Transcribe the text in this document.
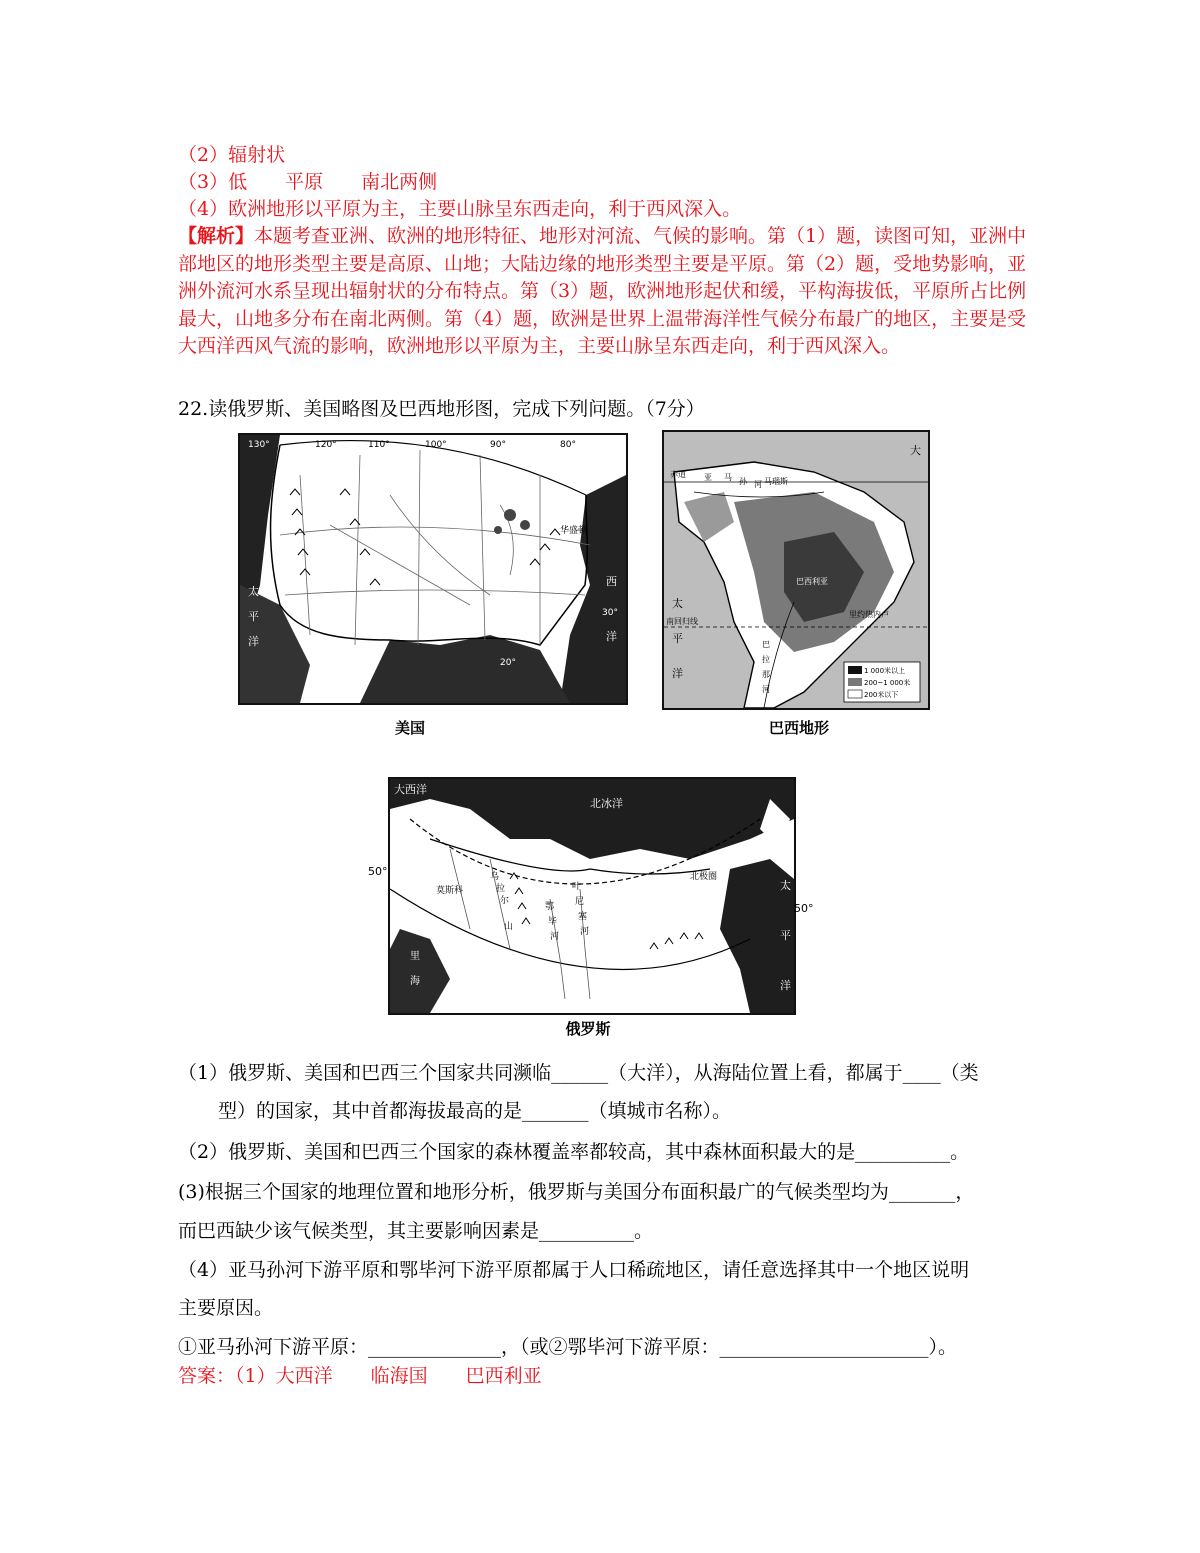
（2）辐射状
（3）低　　平原　　南北两侧
（4）欧洲地形以平原为主，主要山脉呈东西走向，利于西风深入。
【解析】本题考查亚洲、欧洲的地形特征、地形对河流、气候的影响。第（1）题，读图可知，亚洲中部地区的地形类型主要是高原、山地；大陆边缘的地形类型主要是平原。第（2）题，受地势影响，亚洲外流河水系呈现出辐射状的分布特点。第（3）题，欧洲地形起伏和缓，平构海拔低，平原所占比例最大，山地多分布在南北两侧。第（4）题，欧洲是世界上温带海洋性气候分布最广的地区，主要是受大西洋西风气流的影响，欧洲地形以平原为主，主要山脉呈东西走向，利于西风深入。
22.读俄罗斯、美国略图及巴西地形图，完成下列问题。（7分）
130°	120°	110°	100°	90°	80°
太
平
洋
西
洋
华盛顿
30°
20°
美国
1 000米以上
200~1 000米
200米以下
大
赤道 亚 马 孙 河 马瑙斯
巴西利亚
南回归线
太
平
洋
巴
拉
那
河
里约热内卢
巴西地形
大西洋
北冰洋
北极圈
莫斯科
乌
拉
尔
山
鄂
毕
河
叶
尼
塞
河
太
平
洋
里
海
50°
50°
俄罗斯
（1）俄罗斯、美国和巴西三个国家共同濒临______（大洋），从海陆位置上看，都属于____（类
型）的国家，其中首都海拔最高的是_______（填城市名称）。
（2）俄罗斯、美国和巴西三个国家的森林覆盖率都较高，其中森林面积最大的是__________。
(3)根据三个国家的地理位置和地形分析，俄罗斯与美国分布面积最广的气候类型均为_______，
而巴西缺少该气候类型，其主要影响因素是__________。
（4）亚马孙河下游平原和鄂毕河下游平原都属于人口稀疏地区，请任意选择其中一个地区说明
主要原因。
①亚马孙河下游平原：______________，（或②鄂毕河下游平原：______________________）。
答案：（1）大西洋　　临海国　　巴西利亚
